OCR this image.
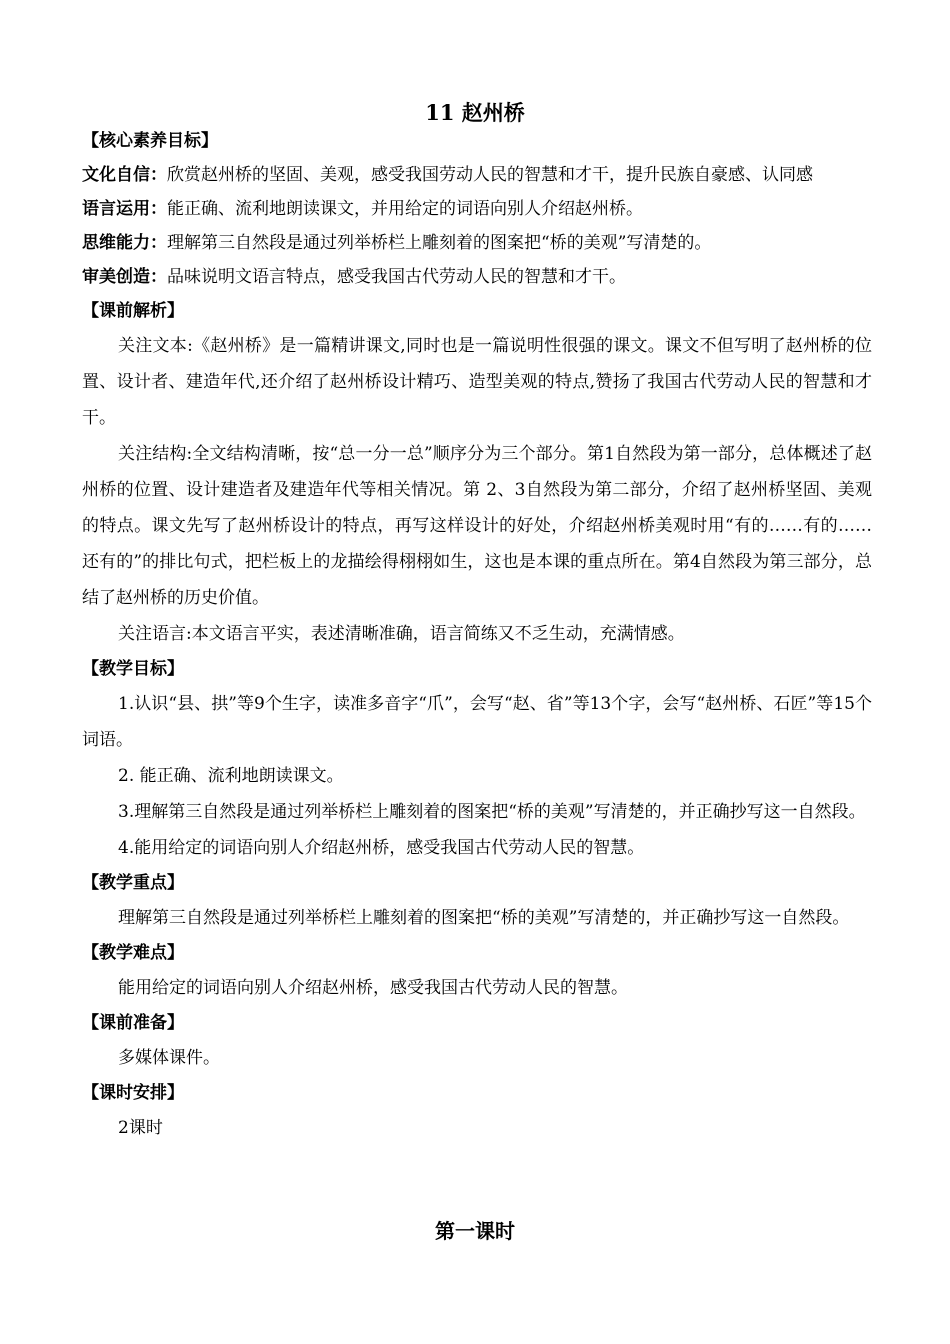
11 赵州桥
【核心素养目标】
文化自信：欣赏赵州桥的坚固、美观，感受我国劳动人民的智慧和才干，提升民族自豪感、认同感
语言运用：能正确、流利地朗读课文，并用给定的词语向别人介绍赵州桥。
思维能力：理解第三自然段是通过列举桥栏上雕刻着的图案把“桥的美观”写清楚的。
审美创造：品味说明文语言特点，感受我国古代劳动人民的智慧和才干。
【课前解析】

关注文本:《赵州桥》是一篇精讲课文,同时也是一篇说明性很强的课文。课文不但写明了赵州桥的位置、设计者、建造年代,还介绍了赵州桥设计精巧、造型美观的特点,赞扬了我国古代劳动人民的智慧和才干。

关注结构:全文结构清晰，按“总一分一总”顺序分为三个部分。第1自然段为第一部分，总体概述了赵州桥的位置、设计建造者及建造年代等相关情况。第 2、3自然段为第二部分，介绍了赵州桥坚固、美观的特点。课文先写了赵州桥设计的特点，再写这样设计的好处，介绍赵州桥美观时用“有的……有的……还有的”的排比句式，把栏板上的龙描绘得栩栩如生，这也是本课的重点所在。第4自然段为第三部分，总结了赵州桥的历史价值。

关注语言:本文语言平实，表述清晰准确，语言简练又不乏生动，充满情感。

【教学目标】

1.认识“县、拱”等9个生字，读准多音字“爪”，会写“赵、省”等13个字，会写“赵州桥、石匠”等15个词语。

2. 能正确、流利地朗读课文。

3.理解第三自然段是通过列举桥栏上雕刻着的图案把“桥的美观”写清楚的，并正确抄写这一自然段。

4.能用给定的词语向别人介绍赵州桥，感受我国古代劳动人民的智慧。

【教学重点】

理解第三自然段是通过列举桥栏上雕刻着的图案把“桥的美观”写清楚的，并正确抄写这一自然段。

【教学难点】

能用给定的词语向别人介绍赵州桥，感受我国古代劳动人民的智慧。

【课前准备】

多媒体课件。

【课时安排】

2课时

第一课时
